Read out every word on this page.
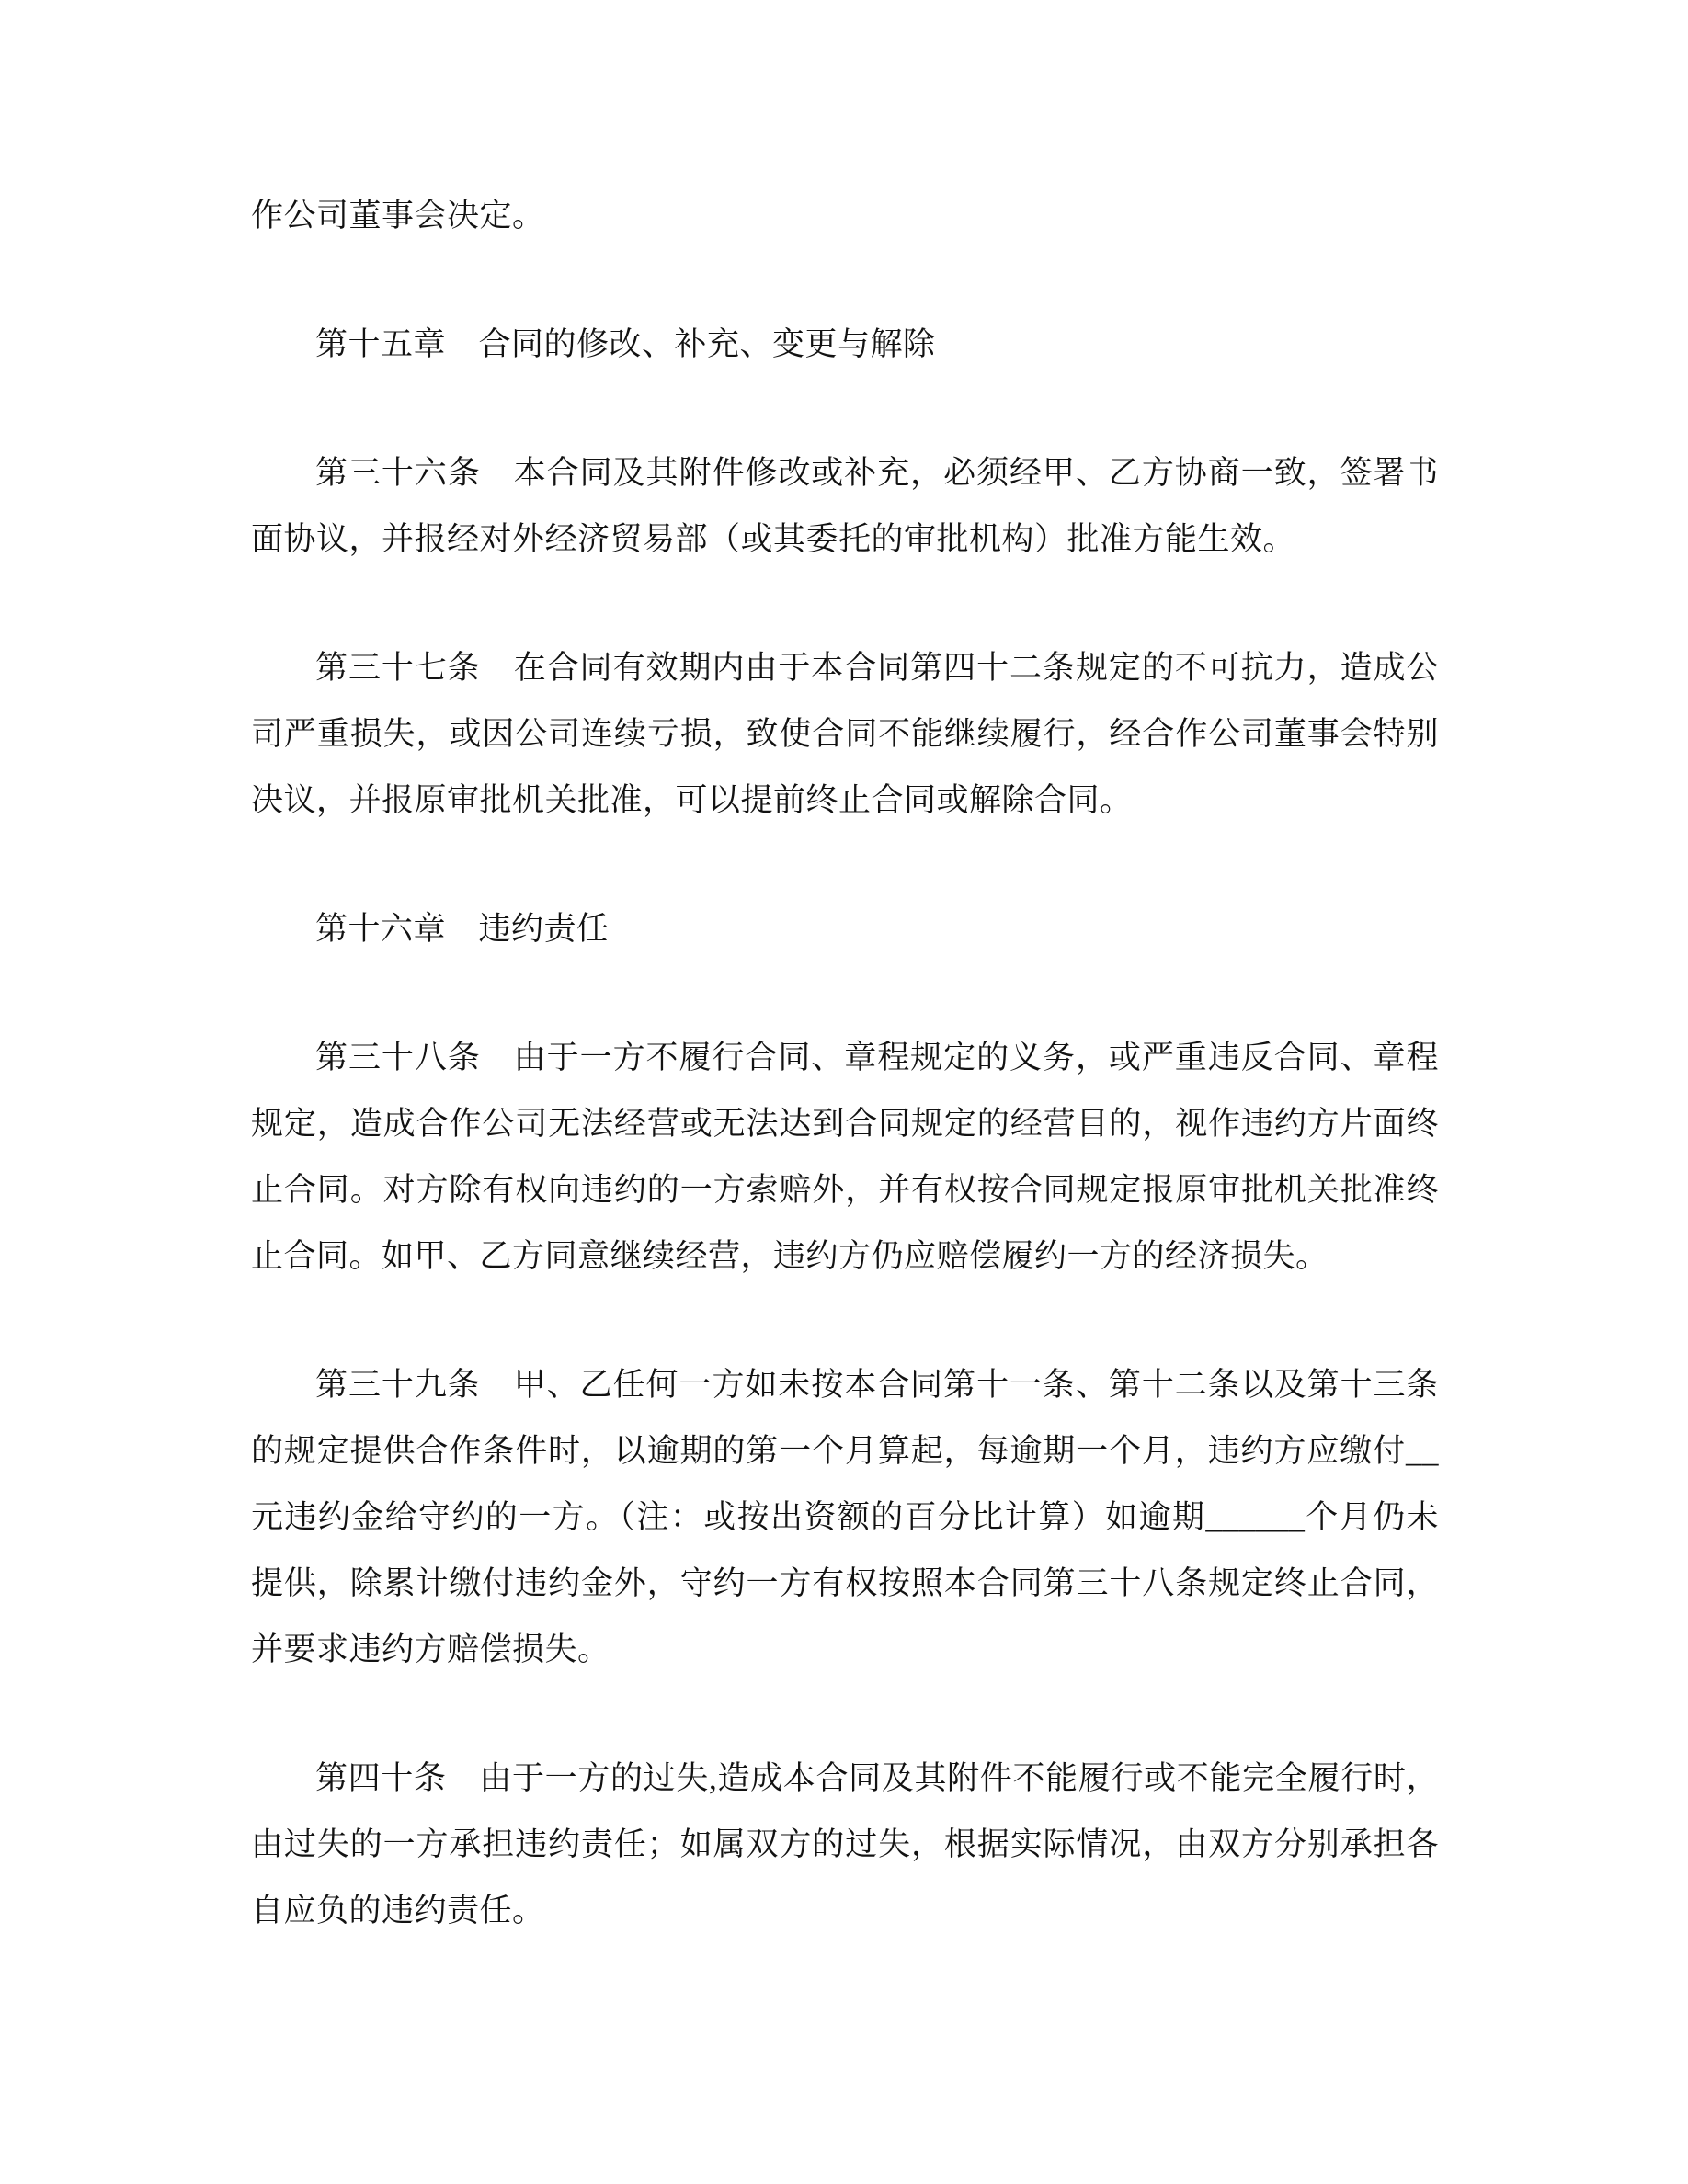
作公司董事会决定。
第十五章　合同的修改、补充、变更与解除
第三十六条　本合同及其附件修改或补充，必须经甲、乙方协商一致，签署书
面协议，并报经对外经济贸易部（或其委托的审批机构）批准方能生效。
第三十七条　在合同有效期内由于本合同第四十二条规定的不可抗力，造成公
司严重损失，或因公司连续亏损，致使合同不能继续履行，经合作公司董事会特别
决议，并报原审批机关批准，可以提前终止合同或解除合同。
第十六章　违约责任
第三十八条　由于一方不履行合同、章程规定的义务，或严重违反合同、章程
规定，造成合作公司无法经营或无法达到合同规定的经营目的，视作违约方片面终
止合同。对方除有权向违约的一方索赔外，并有权按合同规定报原审批机关批准终
止合同。如甲、乙方同意继续经营，违约方仍应赔偿履约一方的经济损失。
第三十九条　甲、乙任何一方如未按本合同第十一条、第十二条以及第十三条
的规定提供合作条件时，以逾期的第一个月算起，每逾期一个月，违约方应缴付__
元违约金给守约的一方。（注：或按出资额的百分比计算）如逾期______个月仍未
提供，除累计缴付违约金外，守约一方有权按照本合同第三十八条规定终止合同，
并要求违约方赔偿损失。
第四十条　由于一方的过失,造成本合同及其附件不能履行或不能完全履行时，
由过失的一方承担违约责任；如属双方的过失，根据实际情况，由双方分别承担各
自应负的违约责任。
